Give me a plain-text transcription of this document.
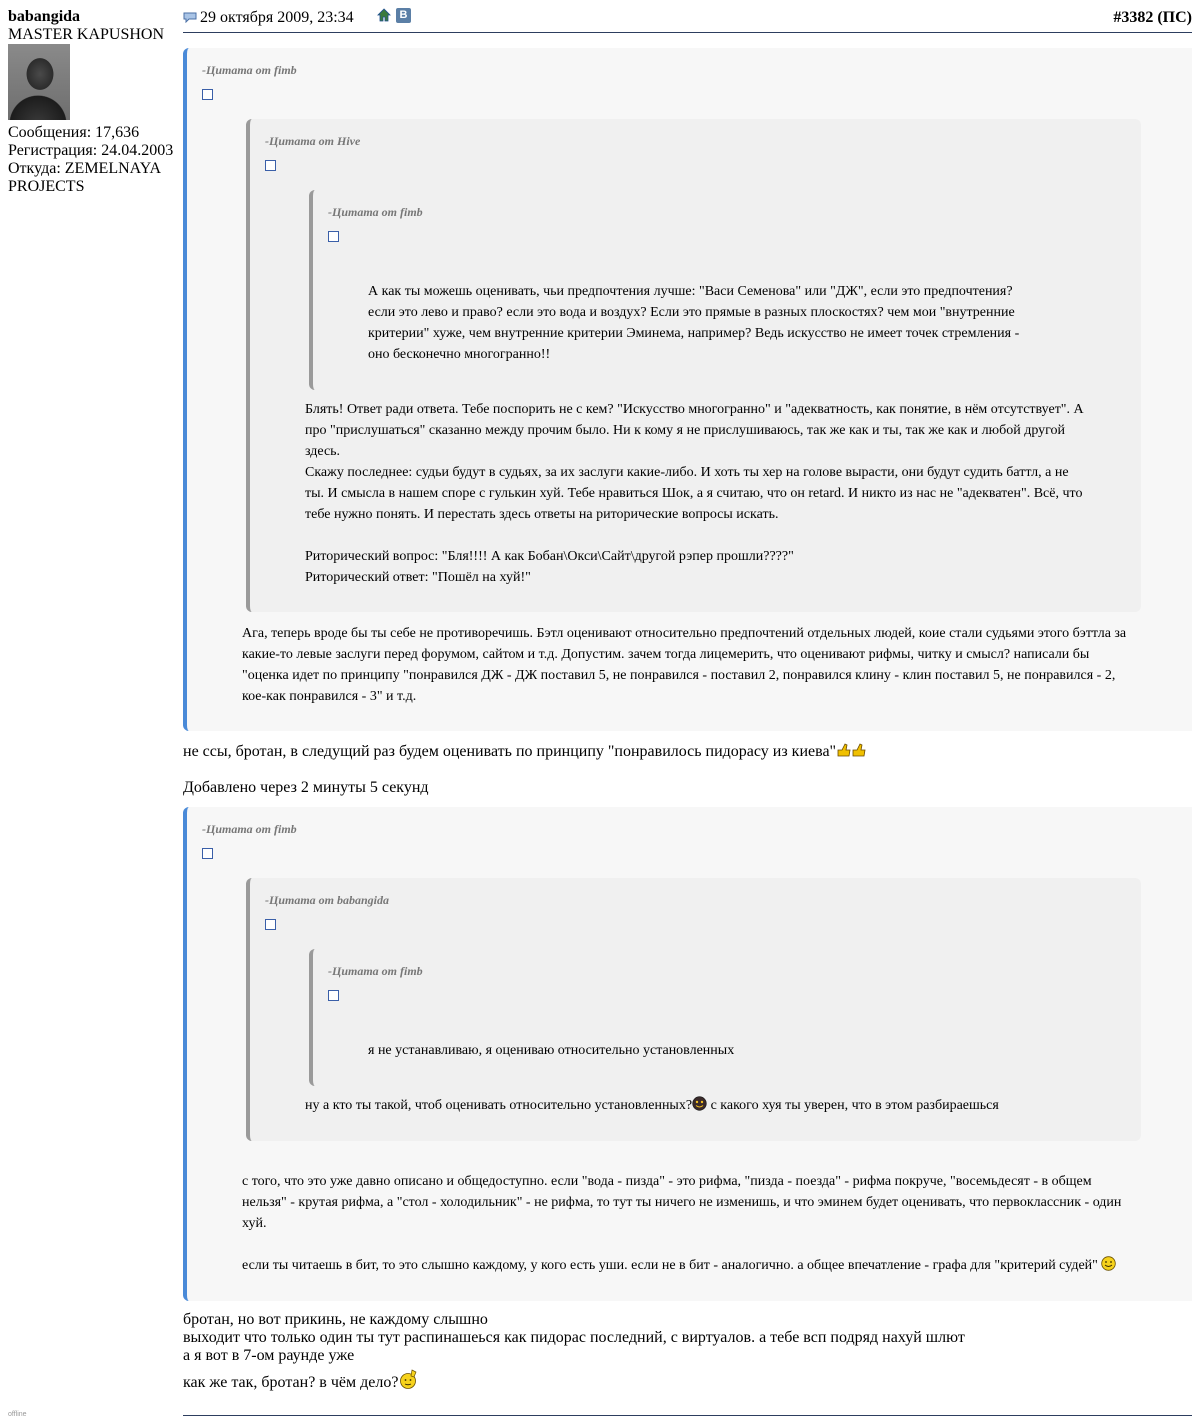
babangida
MASTER KAPUSHON
Сообщения: 17,636
Регистрация: 24.04.2003
Откуда: ZEMELNAYA
PROJECTS
offline
29 октября 2009, 23:34	В	#3382 (ПС)
-Цитата от fimb
-Цитата от Hive
-Цитата от fimb
А как ты можешь оценивать, чьи предпочтения лучше: "Васи Семенова" или "ДЖ", если это предпочтения?
если это лево и право? если это вода и воздух? Если это прямые в разных плоскостях? чем мои "внутренние
критерии" хуже, чем внутренние критерии Эминема, например? Ведь искусство не имеет точек стремления -
оно бесконечно многогранно!!
Блять! Ответ ради ответа. Тебе поспорить не с кем? "Искусство многогранно" и "адекватность, как понятие, в нём отсутствует". А
про "прислушаться" сказанно между прочим было. Ни к кому я не прислушиваюсь, так же как и ты, так же как и любой другой
здесь.
Скажу последнее: судьи будут в судьях, за их заслуги какие-либо. И хоть ты хер на голове вырасти, они будут судить баттл, а не
ты. И смысла в нашем споре с гулькин хуй. Тебе нравиться Шок, а я считаю, что он retard. И никто из нас не "адекватен". Всё, что
тебе нужно понять. И перестать здесь ответы на риторические вопросы искать.
Риторический вопрос: "Бля!!!! А как Бобан\Окси\Сайт\другой рэпер прошли????"
Риторический ответ: "Пошёл на хуй!"
Ага, теперь вроде бы ты себе не противоречишь. Бэтл оценивают относительно предпочтений отдельных людей, коие стали судьями этого бэттла за
какие-то левые заслуги перед форумом, сайтом и т.д. Допустим. зачем тогда лицемерить, что оценивают рифмы, читку и смысл? написали бы
"оценка идет по принципу "понравился ДЖ - ДЖ поставил 5, не понравился - поставил 2, понравился клину - клин поставил 5, не понравился - 2,
кое-как понравился - 3" и т.д.
не ссы, бротан, в следущий раз будем оценивать по принципу "понравилось пидорасу из киева"
Добавлено через 2 минуты 5 секунд
-Цитата от fimb
-Цитата от babangida
-Цитата от fimb
я не устанавливаю, я оцениваю относительно установленных
ну а кто ты такой, чтоб оценивать относительно установленных? с какого хуя ты уверен, что в этом разбираешься
с того, что это уже давно описано и общедоступно. если "вода - пизда" - это рифма, "пизда - поезда" - рифма покруче, "восемьдесят - в общем
нельзя" - крутая рифма, а "стол - холодильник" - не рифма, то тут ты ничего не изменишь, и что эминем будет оценивать, что первоклассник - один
хуй.
если ты читаешь в бит, то это слышно каждому, у кого есть уши. если не в бит - аналогично. а общее впечатление - графа для "критерий судей"
бротан, но вот прикинь, не каждому слышно
выходит что только один ты тут распинашеься как пидорас последний, с виртуалов. а тебе всп подряд нахуй шлют
а я вот в 7-ом раунде уже
как же так, бротан? в чём дело?
